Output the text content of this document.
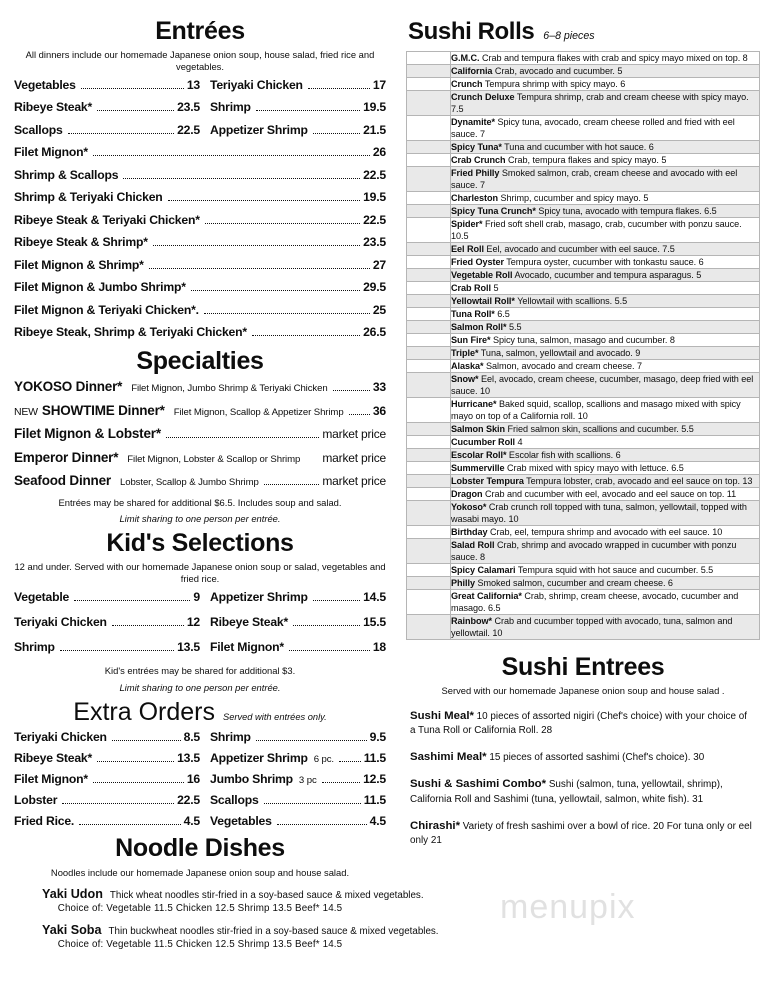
Entrées

All dinners include our homemade Japanese onion soup, house salad, fried rice and vegetables.

Vegetables	13 Teriyaki Chicken	17
Ribeye Steak*	23.5 Shrimp	19.5
Scallops	22.5 Appetizer Shrimp	21.5
Filet Mignon*	26
Shrimp & Scallops	22.5
Shrimp & Teriyaki Chicken	19.5
Ribeye Steak & Teriyaki Chicken*	22.5
Ribeye Steak & Shrimp*	23.5
Filet Mignon & Shrimp*	27
Filet Mignon & Jumbo Shrimp*	29.5
Filet Mignon & Teriyaki Chicken*.	25
Ribeye Steak, Shrimp & Teriyaki Chicken*	26.5
Specialties
YOKOSO Dinner* Filet Mignon, Jumbo Shrimp & Teriyaki Chicken	33
NEW SHOWTIME Dinner* Filet Mignon, Scallop & Appetizer Shrimp 36
Filet Mignon & Lobster*	market price
Emperor Dinner* Filet Mignon, Lobster & Scallop or Shrimp market price
Seafood Dinner Lobster, Scallop & Jumbo Shrimp	market price

Entrées may be shared for additional $6.5. Includes soup and salad.

Limit sharing to one person per entrée.

Kid's Selections

12 and under. Served with our homemade Japanese onion soup or salad, vegetables and fried rice.

Vegetable	9 Appetizer Shrimp	14.5
Teriyaki Chicken	12 Ribeye Steak*	15.5
Shrimp	13.5 Filet Mignon*	18

Kid's entrées may be shared for additional $3.

Limit sharing to one person per entrée.

Extra Orders Served with entrées only.
Teriyaki Chicken	8.5 Shrimp	9.5
Ribeye Steak*	13.5 Appetizer Shrimp 6 pc. 11.5
Filet Mignon*	16 Jumbo Shrimp 3 pc	12.5
Lobster	22.5 Scallops	11.5
Fried Rice.	4.5 Vegetables	4.5
Noodle Dishes

Noodles include our homemade Japanese onion soup and house salad.

Yaki Udon Thick wheat noodles stir-fried in a soy-based sauce & mixed vegetables.
Choice of: Vegetable 11.5 Chicken 12.5 Shrimp 13.5 Beef* 14.5
Yaki Soba Thin buckwheat noodles stir-fried in a soy-based sauce & mixed vegetables.
Choice of: Vegetable 11.5 Chicken 12.5 Shrimp 13.5 Beef* 14.5
Sushi Rolls 6–8 pieces
	G.M.C. Crab and tempura flakes with crab and spicy mayo mixed on top. 8
	California Crab, avocado and cucumber. 5
	Crunch Tempura shrimp with spicy mayo. 6
	Crunch Deluxe Tempura shrimp, crab and cream cheese with spicy mayo. 7.5
	Dynamite* Spicy tuna, avocado, cream cheese rolled and fried with eel sauce. 7
	Spicy Tuna* Tuna and cucumber with hot sauce. 6
	Crab Crunch Crab, tempura flakes and spicy mayo. 5
	Fried Philly Smoked salmon, crab, cream cheese and avocado with eel sauce. 7
	Charleston Shrimp, cucumber and spicy mayo. 5
	Spicy Tuna Crunch* Spicy tuna, avocado with tempura flakes. 6.5
	Spider* Fried soft shell crab, masago, crab, cucumber with ponzu sauce. 10.5
	Eel Roll Eel, avocado and cucumber with eel sauce. 7.5
	Fried Oyster Tempura oyster, cucumber with tonkastu sauce. 6
	Vegetable Roll Avocado, cucumber and tempura asparagus. 5
	Crab Roll 5
	Yellowtail Roll* Yellowtail with scallions. 5.5
	Tuna Roll* 6.5
	Salmon Roll* 5.5
	Sun Fire* Spicy tuna, salmon, masago and cucumber. 8
	Triple* Tuna, salmon, yellowtail and avocado. 9
	Alaska* Salmon, avocado and cream cheese. 7
	Snow* Eel, avocado, cream cheese, cucumber, masago, deep fried with eel sauce. 10
	Hurricane* Baked squid, scallop, scallions and masago mixed with spicy mayo on top of a California roll. 10
	Salmon Skin Fried salmon skin, scallions and cucumber. 5.5
	Cucumber Roll 4
	Escolar Roll* Escolar fish with scallions. 6
	Summerville Crab mixed with spicy mayo with lettuce. 6.5
	Lobster Tempura Tempura lobster, crab, avocado and eel sauce on top. 13
	Dragon Crab and cucumber with eel, avocado and eel sauce on top. 11
	Yokoso* Crab crunch roll topped with tuna, salmon, yellowtail, topped with wasabi mayo. 10
	Birthday Crab, eel, tempura shrimp and avocado with eel sauce. 10
	Salad Roll Crab, shrimp and avocado wrapped in cucumber with ponzu sauce. 8
	Spicy Calamari Tempura squid with hot sauce and cucumber. 5.5
	Philly Smoked salmon, cucumber and cream cheese. 6
	Great California* Crab, shrimp, cream cheese, avocado, cucumber and masago. 6.5
	Rainbow* Crab and cucumber topped with avocado, tuna, salmon and yellowtail. 10
Sushi Entrees

Served with our homemade Japanese onion soup and house salad .

Sushi Meal* 10 pieces of assorted nigiri (Chef's choice) with your choice of a Tuna Roll or California Roll. 28
Sashimi Meal* 15 pieces of assorted sashimi (Chef's choice). 30
Sushi & Sashimi Combo* Sushi (salmon, tuna, yellowtail, shrimp), California Roll and Sashimi (tuna, yellowtail, salmon, white fish). 31
Chirashi* Variety of fresh sashimi over a bowl of rice. 20 For tuna only or eel only 21
menupix
